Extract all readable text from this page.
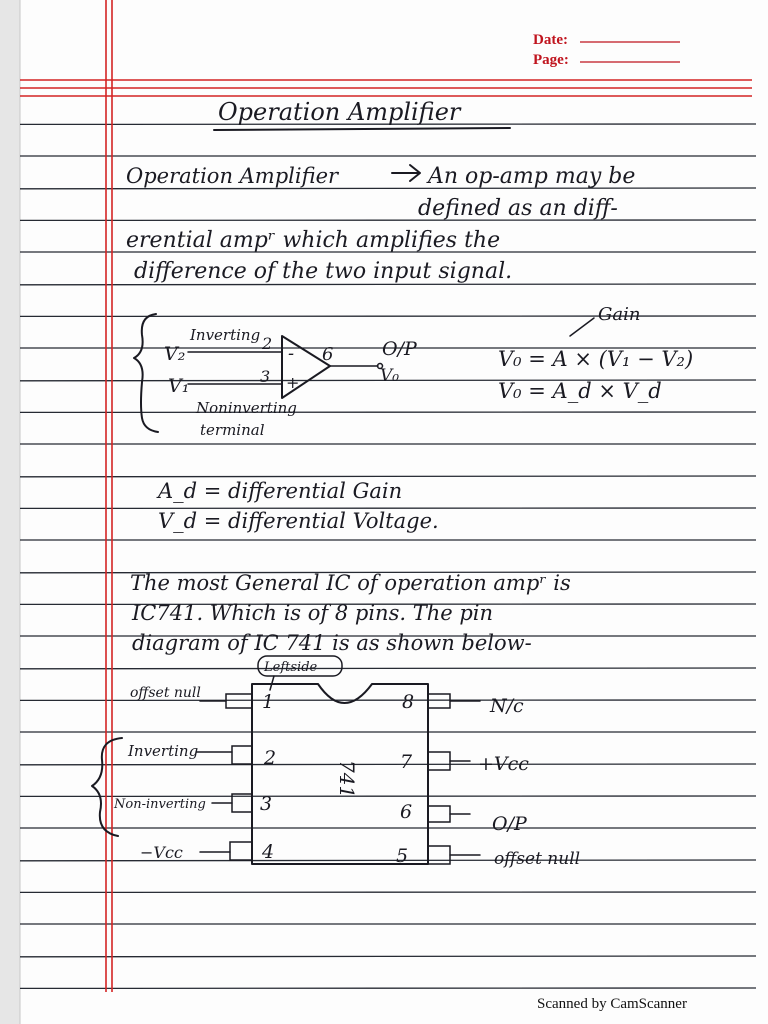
Date:
Page:
Operation Amplifier
Operation Amplifier	An op-amp may be
defined as an diff-
erential ampʳ which amplifies the
difference of the two input signal.
Inverting
V₂
V₁
2
3
-
+
6	O/P
V₀
Noninverting
terminal
Gain
V₀ = A × (V₁ − V₂)
V₀ = A_d × V_d
A_d = differential Gain
V_d = differential Voltage.
The most General IC of operation ampʳ is
IC741. Which is of 8 pins. The pin
diagram of IC 741 is as shown below-
Leftside
741
1
2
3
4
8
7
6
5
offset null
Inverting
Non-inverting
−Vcc
N/c
+Vcc
O/P
offset null
Scanned by CamScanner
